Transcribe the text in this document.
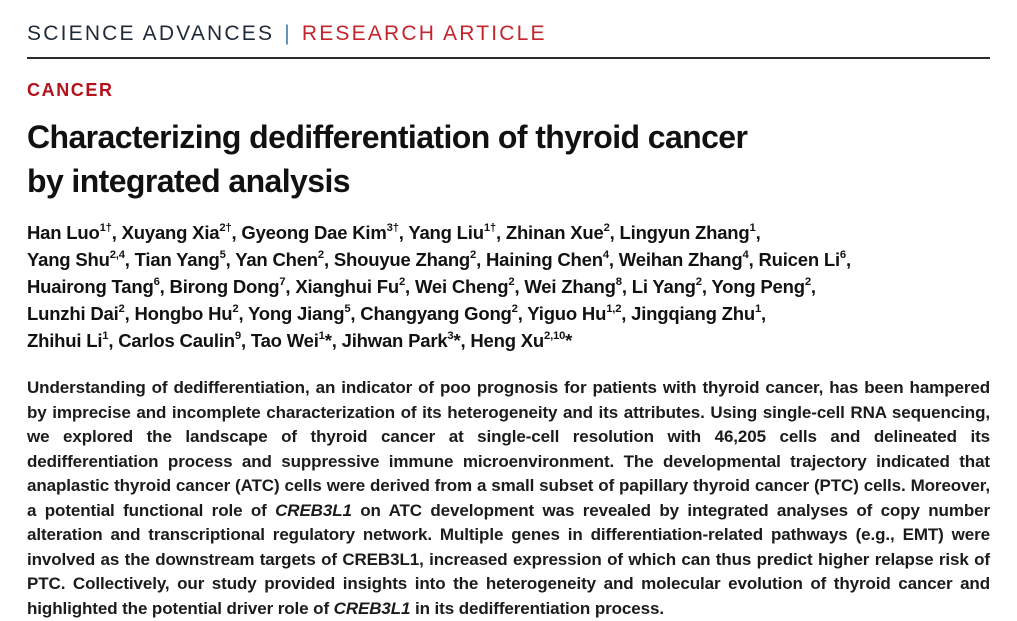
SCIENCE ADVANCES | RESEARCH ARTICLE
CANCER
Characterizing dedifferentiation of thyroid cancer
by integrated analysis
Han Luo$^{1\dagger}$, Xuyang Xia$^{2\dagger}$, Gyeong Dae Kim$^{3\dagger}$, Yang Liu$^{1\dagger}$, Zhinan Xue$^2$, Lingyun Zhang$^1$,
Yang Shu$^{2,4}$, Tian Yang$^5$, Yan Chen$^2$, Shouyue Zhang$^2$, Haining Chen$^4$, Weihan Zhang$^4$, Ruicen Li$^6$,
Huairong Tang$^6$, Birong Dong$^7$, Xianghui Fu$^2$, Wei Cheng$^2$, Wei Zhang$^8$, Li Yang$^2$, Yong Peng$^2$,
Lunzhi Dai$^2$, Hongbo Hu$^2$, Yong Jiang$^5$, Changyang Gong$^2$, Yiguo Hu$^{1,2}$, Jingqiang Zhu$^1$,
Zhihui Li$^1$, Carlos Caulin$^9$, Tao Wei$^1$*, Jihwan Park$^3$*, Heng Xu$^{2,10}$*

Understanding of dedifferentiation, an indicator of poo prognosis for patients with thyroid cancer, has been hampered by imprecise and incomplete characterization of its heterogeneity and its attributes. Using single-cell RNA sequencing, we explored the landscape of thyroid cancer at single-cell resolution with 46,205 cells and delineated its dedifferentiation process and suppressive immune microenvironment. The developmental trajectory indicated that anaplastic thyroid cancer (ATC) cells were derived from a small subset of papillary thyroid cancer (PTC) cells. Moreover, a potential functional role of CREB3L1 on ATC development was revealed by integrated analyses of copy number alteration and transcriptional regulatory network. Multiple genes in differentiation-related pathways (e.g., EMT) were involved as the downstream targets of CREB3L1, increased expression of which can thus predict higher relapse risk of PTC. Collectively, our study provided insights into the heterogeneity and molecular evolution of thyroid cancer and highlighted the potential driver role of CREB3L1 in its dedifferentiation process.
